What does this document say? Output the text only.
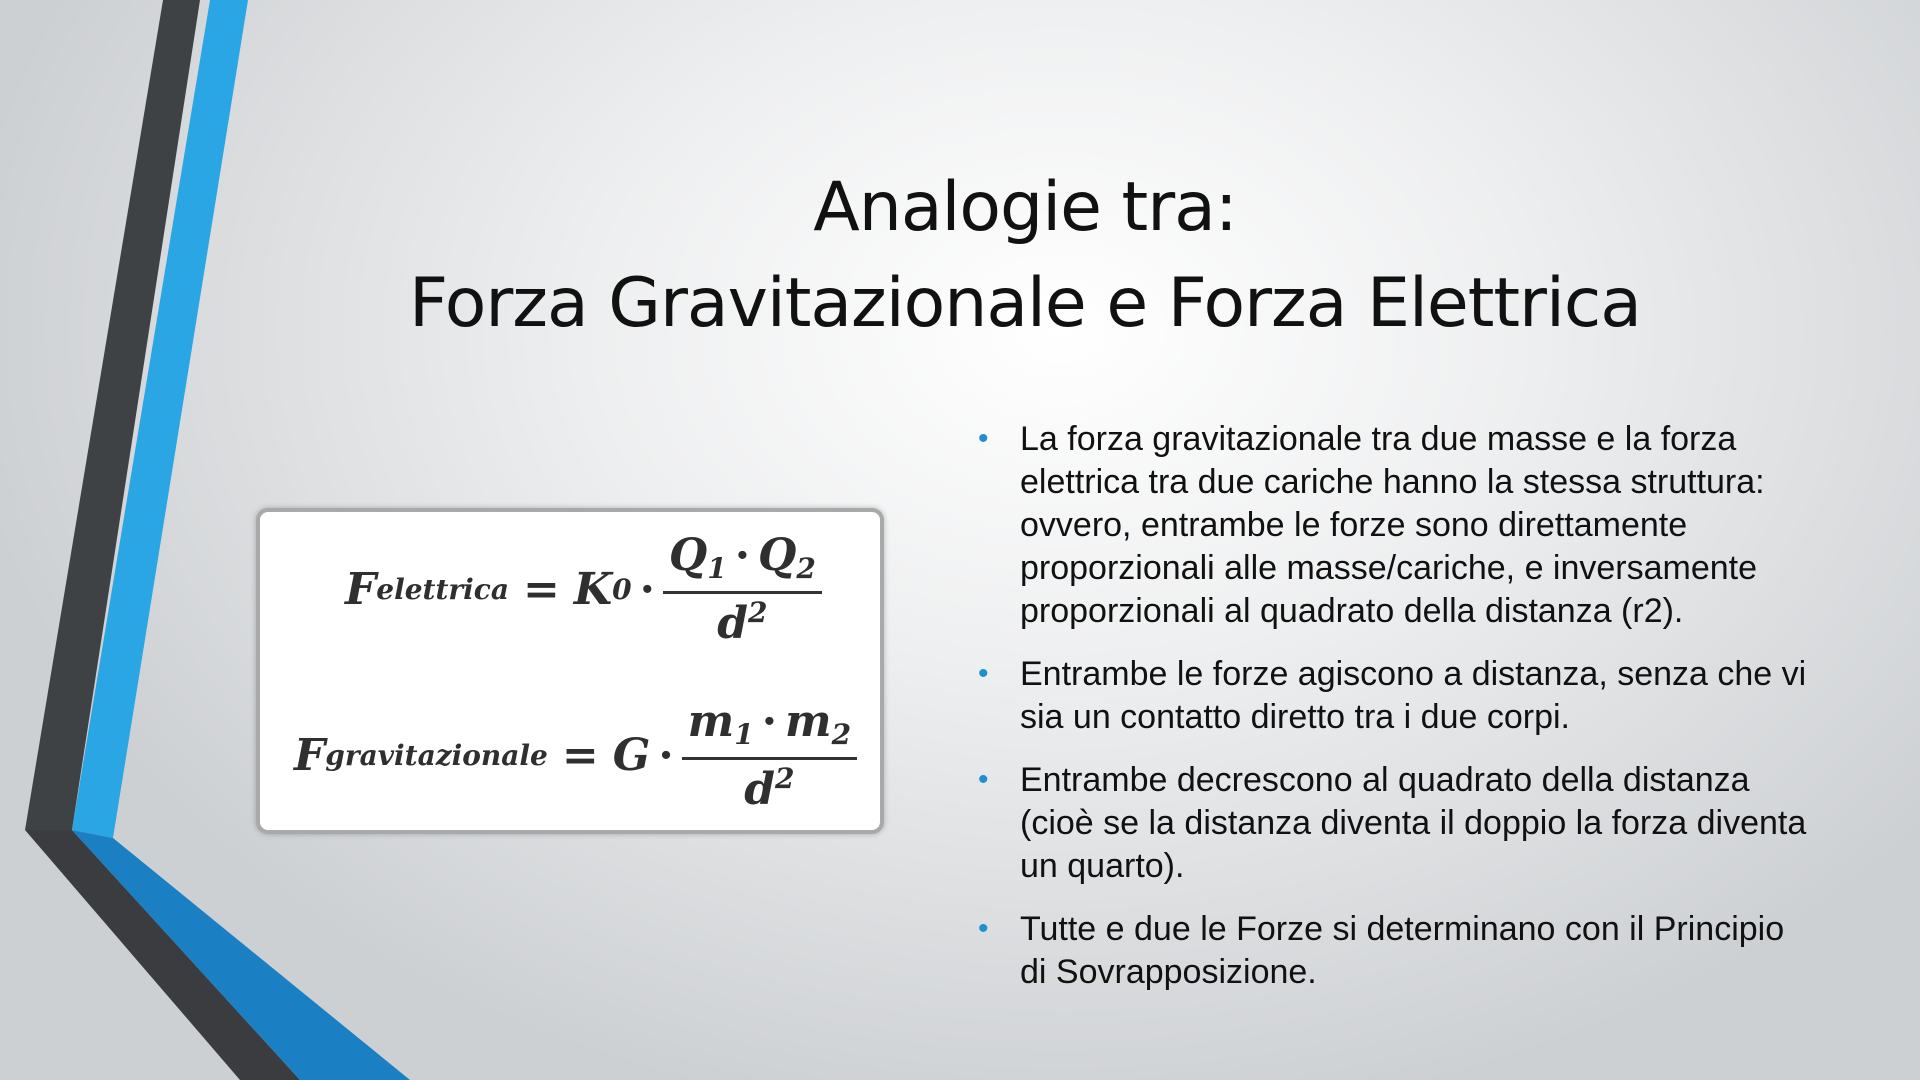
Analogie tra:
Forza Gravitazionale e Forza Elettrica
F elettrica = K $0 \cdot \frac{Q_1 \cdot Q_2}{d^2}$
F gravitazionale = $G \cdot \frac{m_1 \cdot m_2}{d^2}$
• La forza gravitazionale tra due masse e la forza elettrica tra due cariche hanno la stessa struttura: ovvero, entrambe le forze sono direttamente proporzionali alle masse/cariche, e inversamente proporzionali al quadrato della distanza (r2).
• Entrambe le forze agiscono a distanza, senza che vi sia un contatto diretto tra i due corpi.
• Entrambe decrescono al quadrato della distanza (cioè se la distanza diventa il doppio la forza diventa un quarto).
• Tutte e due le Forze si determinano con il Principio di Sovrapposizione.
